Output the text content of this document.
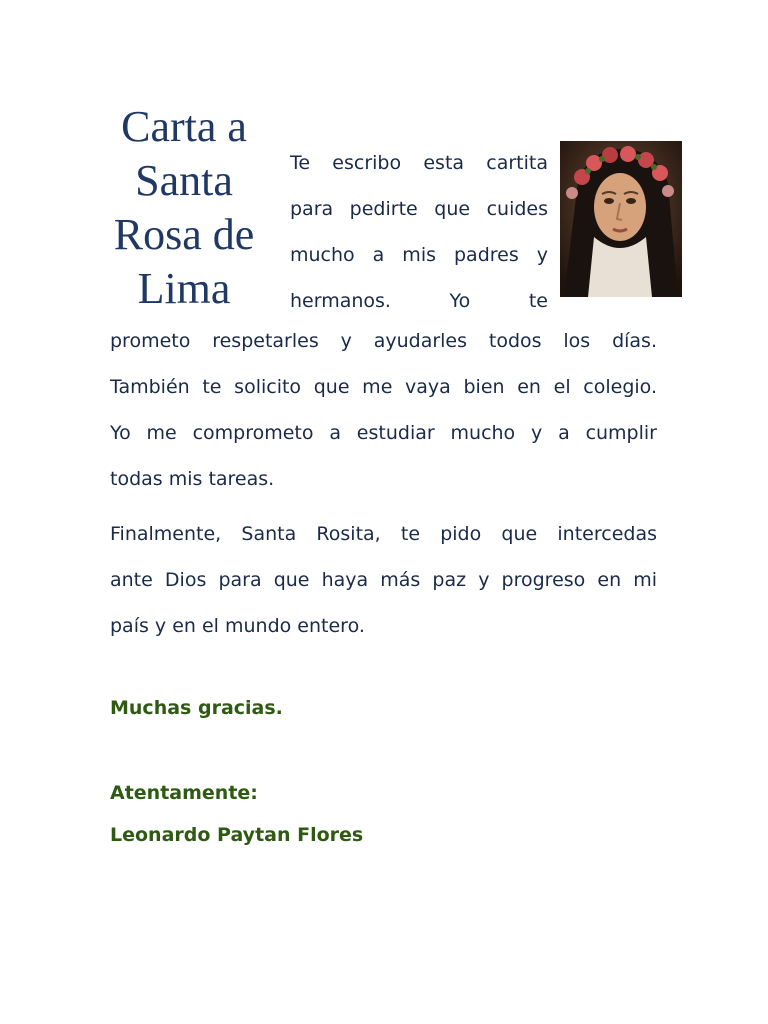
Carta a
Santa
Rosa de
Lima
Te escribo esta cartita
para pedirte que cuides
mucho a mis padres y
hermanos. Yo te
prometo respetarles y ayudarles todos los días.
También te solicito que me vaya bien en el colegio.
Yo me comprometo a estudiar mucho y a cumplir
todas mis tareas.
Finalmente, Santa Rosita, te pido que intercedas
ante Dios para que haya más paz y progreso en mi
país y en el mundo entero.

Muchas gracias.

Atentamente:

Leonardo Paytan Flores
